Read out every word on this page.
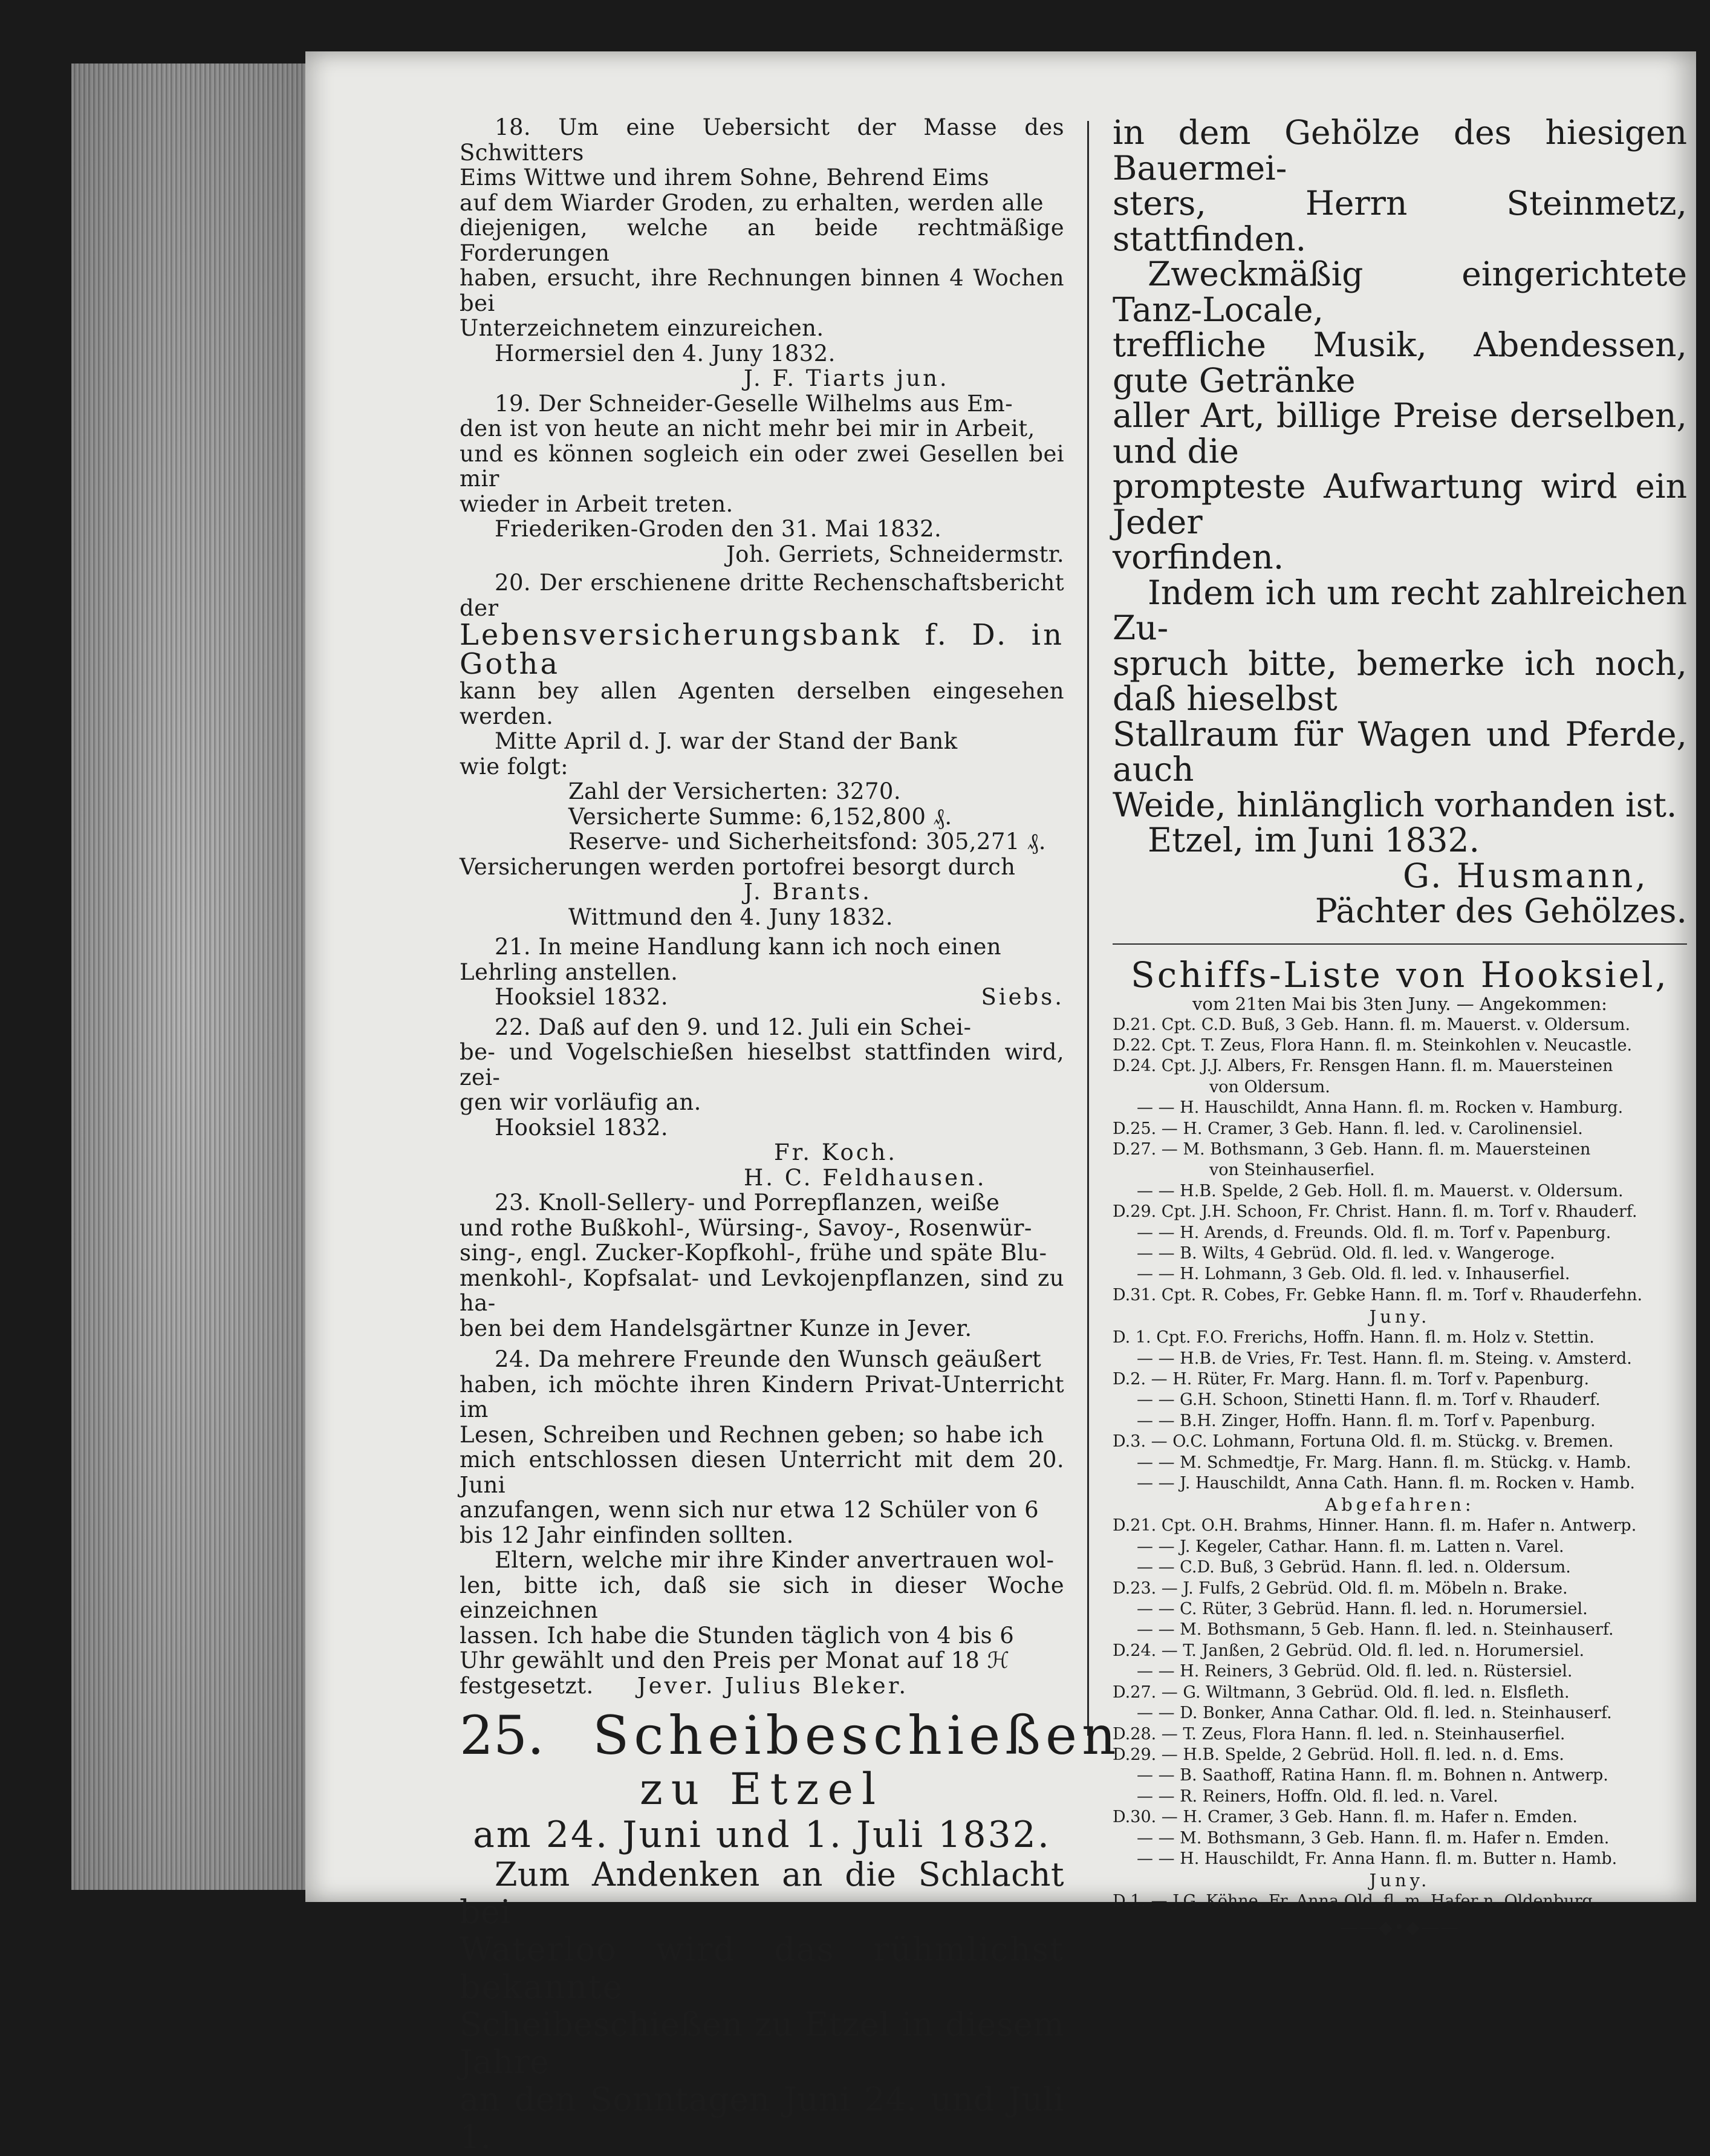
18. Um eine Uebersicht der Masse des Schwitters

Eims Wittwe und ihrem Sohne, Behrend Eims

auf dem Wiarder Groden, zu erhalten, werden alle

diejenigen, welche an beide rechtmäßige Forderungen

haben, ersucht, ihre Rechnungen binnen 4 Wochen bei

Unterzeichnetem einzureichen.

Hormersiel den 4. Juny 1832.

J. F. Tiarts jun.

19. Der Schneider-Geselle Wilhelms aus Em-

den ist von heute an nicht mehr bei mir in Arbeit,

und es können sogleich ein oder zwei Gesellen bei mir

wieder in Arbeit treten.

Friederiken-Groden den 31. Mai 1832.

Joh. Gerriets, Schneidermstr.

20. Der erschienene dritte Rechenschaftsbericht der

Lebensversicherungsbank f. D. in Gotha

kann bey allen Agenten derselben eingesehen werden.

Mitte April d. J. war der Stand der Bank

wie folgt:

Zahl der Versicherten: 3270.

Versicherte Summe: 6,152,800 ₰.

Reserve- und Sicherheitsfond: 305,271 ₰.

Versicherungen werden portofrei besorgt durch

J. Brants.

Wittmund den 4. Juny 1832.

21. In meine Handlung kann ich noch einen

Lehrling anstellen.

Hooksiel 1832.	Siebs.

22. Daß auf den 9. und 12. Juli ein Schei-

be- und Vogelschießen hieselbst stattfinden wird, zei-

gen wir vorläufig an.

Hooksiel 1832.

Fr. Koch.

H. C. Feldhausen.

23. Knoll-Sellery- und Porrepflanzen, weiße

und rothe Bußkohl-, Würsing-, Savoy-, Rosenwür-

sing-, engl. Zucker-Kopfkohl-, frühe und späte Blu-

menkohl-, Kopfsalat- und Levkojenpflanzen, sind zu ha-

ben bei dem Handelsgärtner Kunze in Jever.

24. Da mehrere Freunde den Wunsch geäußert

haben, ich möchte ihren Kindern Privat-Unterricht im

Lesen, Schreiben und Rechnen geben; so habe ich

mich entschlossen diesen Unterricht mit dem 20. Juni

anzufangen, wenn sich nur etwa 12 Schüler von 6

bis 12 Jahr einfinden sollten.

Eltern, welche mir ihre Kinder anvertrauen wol-

len, bitte ich, daß sie sich in dieser Woche einzeichnen

lassen. Ich habe die Stunden täglich von 4 bis 6

Uhr gewählt und den Preis per Monat auf 18 ℋ

festgesetzt. Jever. Julius Bleker.

25. Scheibeschießen
zu Etzel
am 24. Juni und 1. Juli 1832.
Zum Andenken an die Schlacht bei
Waterloo wird das rühmlichst bekannte
Scheibeschießen zu Etzel in diesem Jahre
an den Sonntagen Juni 24. und Juli 1.

in dem Gehölze des hiesigen Bauermei-

sters, Herrn Steinmetz, stattfinden.

Zweckmäßig eingerichtete Tanz-Locale,

treffliche Musik, Abendessen, gute Getränke

aller Art, billige Preise derselben, und die

prompteste Aufwartung wird ein Jeder

vorfinden.

Indem ich um recht zahlreichen Zu-

spruch bitte, bemerke ich noch, daß hieselbst

Stallraum für Wagen und Pferde, auch

Weide, hinlänglich vorhanden ist.

Etzel, im Juni 1832.

G. Husmann,

Pächter des Gehölzes.

Schiffs-Liste von Hooksiel,
vom 21ten Mai bis 3ten Juny. — Angekommen:
D.21. Cpt. C.D. Buß, 3 Geb. Hann. fl. m. Mauerst. v. Oldersum.
D.22. Cpt. T. Zeus, Flora Hann. fl. m. Steinkohlen v. Neucastle.
D.24. Cpt. J.J. Albers, Fr. Rensgen Hann. fl. m. Mauersteinen
von Oldersum.
— — H. Hauschildt, Anna Hann. fl. m. Rocken v. Hamburg.
D.25. — H. Cramer, 3 Geb. Hann. fl. led. v. Carolinensiel.
D.27. — M. Bothsmann, 3 Geb. Hann. fl. m. Mauersteinen
von Steinhauserfiel.
— — H.B. Spelde, 2 Geb. Holl. fl. m. Mauerst. v. Oldersum.
D.29. Cpt. J.H. Schoon, Fr. Christ. Hann. fl. m. Torf v. Rhauderf.
— — H. Arends, d. Freunds. Old. fl. m. Torf v. Papenburg.
— — B. Wilts, 4 Gebrüd. Old. fl. led. v. Wangeroge.
— — H. Lohmann, 3 Geb. Old. fl. led. v. Inhauserfiel.
D.31. Cpt. R. Cobes, Fr. Gebke Hann. fl. m. Torf v. Rhauderfehn.
Juny.
D. 1. Cpt. F.O. Frerichs, Hoffn. Hann. fl. m. Holz v. Stettin.
— — H.B. de Vries, Fr. Test. Hann. fl. m. Steing. v. Amsterd.
D.2. — H. Rüter, Fr. Marg. Hann. fl. m. Torf v. Papenburg.
— — G.H. Schoon, Stinetti Hann. fl. m. Torf v. Rhauderf.
— — B.H. Zinger, Hoffn. Hann. fl. m. Torf v. Papenburg.
D.3. — O.C. Lohmann, Fortuna Old. fl. m. Stückg. v. Bremen.
— — M. Schmedtje, Fr. Marg. Hann. fl. m. Stückg. v. Hamb.
— — J. Hauschildt, Anna Cath. Hann. fl. m. Rocken v. Hamb.
Abgefahren:
D.21. Cpt. O.H. Brahms, Hinner. Hann. fl. m. Hafer n. Antwerp.
— — J. Kegeler, Cathar. Hann. fl. m. Latten n. Varel.
— — C.D. Buß, 3 Gebrüd. Hann. fl. led. n. Oldersum.
D.23. — J. Fulfs, 2 Gebrüd. Old. fl. m. Möbeln n. Brake.
— — C. Rüter, 3 Gebrüd. Hann. fl. led. n. Horumersiel.
— — M. Bothsmann, 5 Geb. Hann. fl. led. n. Steinhauserf.
D.24. — T. Janßen, 2 Gebrüd. Old. fl. led. n. Horumersiel.
— — H. Reiners, 3 Gebrüd. Old. fl. led. n. Rüstersiel.
D.27. — G. Wiltmann, 3 Gebrüd. Old. fl. led. n. Elsfleth.
— — D. Bonker, Anna Cathar. Old. fl. led. n. Steinhauserf.
D.28. — T. Zeus, Flora Hann. fl. led. n. Steinhauserfiel.
D.29. — H.B. Spelde, 2 Gebrüd. Holl. fl. led. n. d. Ems.
— — B. Saathoff, Ratina Hann. fl. m. Bohnen n. Antwerp.
— — R. Reiners, Hoffn. Old. fl. led. n. Varel.
D.30. — H. Cramer, 3 Geb. Hann. fl. m. Hafer n. Emden.
— — M. Bothsmann, 3 Geb. Hann. fl. m. Hafer n. Emden.
— — H. Hauschildt, Fr. Anna Hann. fl. m. Butter n. Hamb.
Juny.
D.1. — J.G. Köhne, Fr. Anna Old. fl. m. Hafer n. Oldenburg.
——◆•◆——
